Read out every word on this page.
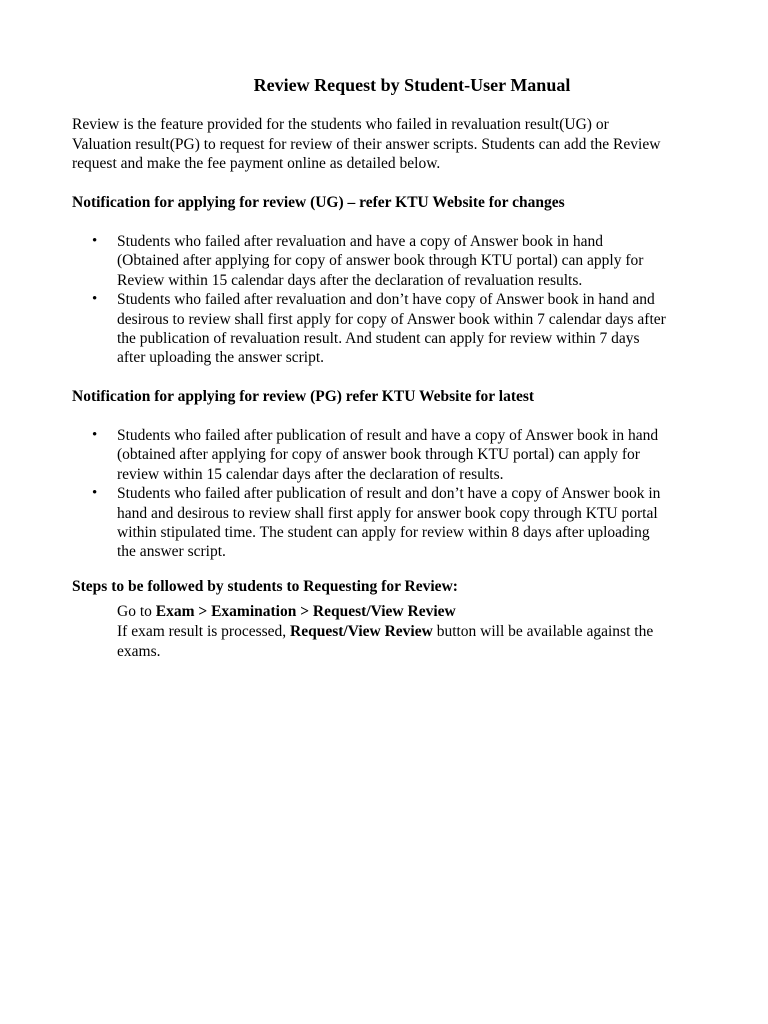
Review Request by Student-User Manual

Review is the feature provided for the students who failed in revaluation result(UG) or

Valuation result(PG) to request for review of their answer scripts. Students can add the Review

request and make the fee payment online as detailed below.

Notification for applying for review (UG) – refer KTU Website for changes
• Students who failed after revaluation and have a copy of Answer book in hand
(Obtained after applying for copy of answer book through KTU portal) can apply for
Review within 15 calendar days after the declaration of revaluation results.
• Students who failed after revaluation and don’t have copy of Answer book in hand and
desirous to review shall first apply for copy of Answer book within 7 calendar days after
the publication of revaluation result. And student can apply for review within 7 days
after uploading the answer script.
Notification for applying for review (PG) refer KTU Website for latest
• Students who failed after publication of result and have a copy of Answer book in hand
(obtained after applying for copy of answer book through KTU portal) can apply for
review within 15 calendar days after the declaration of results.
• Students who failed after publication of result and don’t have a copy of Answer book in
hand and desirous to review shall first apply for answer book copy through KTU portal
within stipulated time. The student can apply for review within 8 days after uploading
the answer script.
Steps to be followed by students to Requesting for Review:
Go to Exam > Examination > Request/View Review
If exam result is processed, Request/View Review button will be available against the
exams.
